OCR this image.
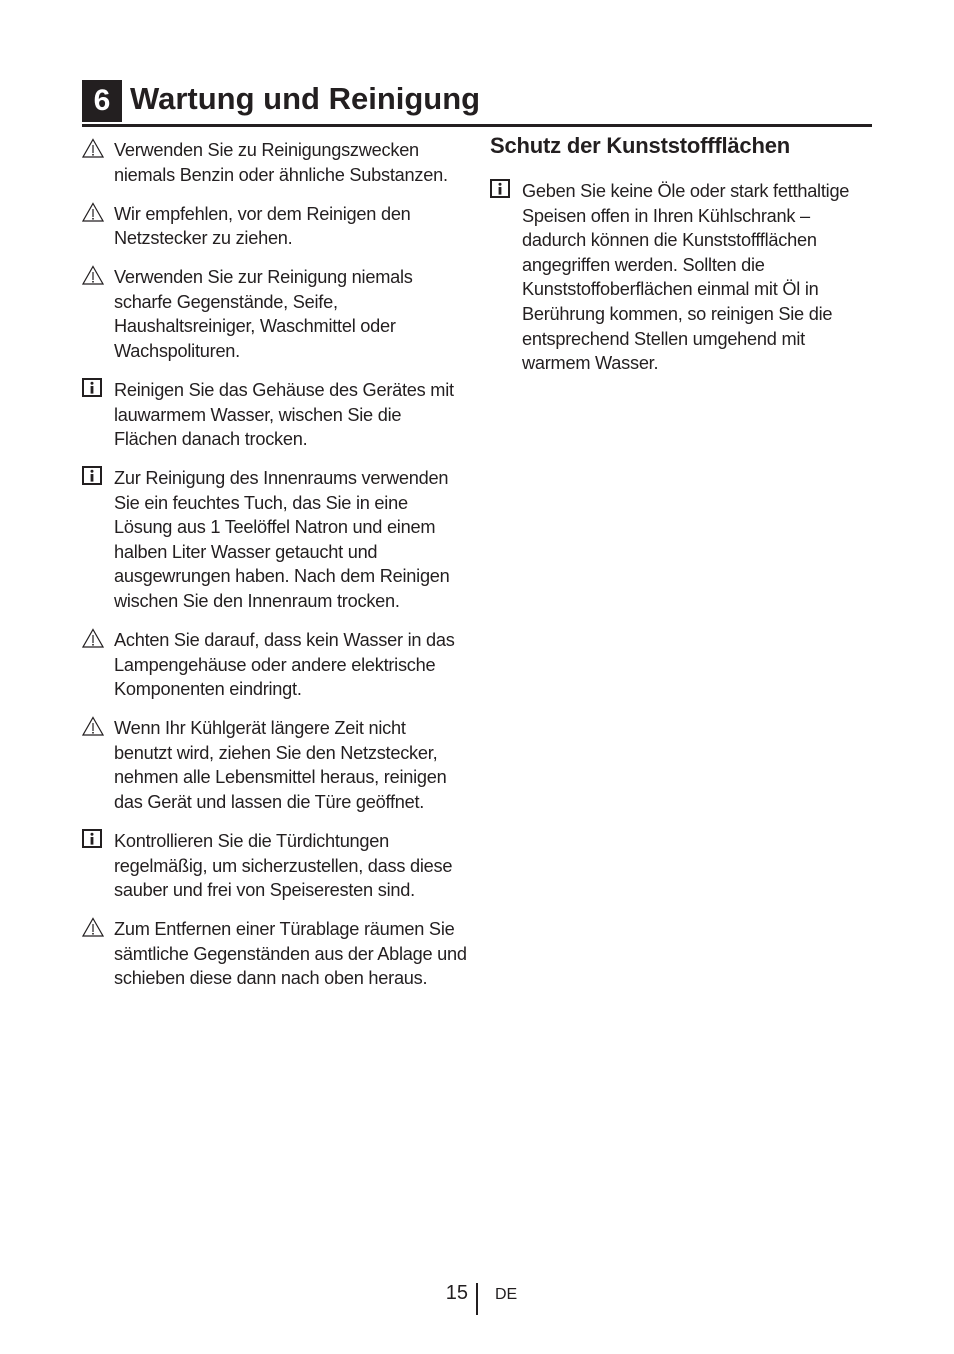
6 Wartung und Reinigung
Verwenden Sie zu Reinigungszwecken niemals Benzin oder ähnliche Substanzen.
Wir empfehlen, vor dem Reinigen den Netzstecker zu ziehen.
Verwenden Sie zur Reinigung niemals scharfe Gegenstände, Seife, Haushaltsreiniger, Waschmittel oder Wachspolituren.
Reinigen Sie das Gehäuse des Gerätes mit lauwarmem Wasser, wischen Sie die Flächen danach trocken.
Zur Reinigung des Innenraums verwenden Sie ein feuchtes Tuch, das Sie in eine Lösung aus 1 Teelöffel Natron und einem halben Liter Wasser getaucht und ausgewrungen haben. Nach dem Reinigen wischen Sie den Innenraum trocken.
Achten Sie darauf, dass kein Wasser in das Lampengehäuse oder andere elektrische Komponenten eindringt.
Wenn Ihr Kühlgerät längere Zeit nicht benutzt wird, ziehen Sie den Netzstecker, nehmen alle Lebensmittel heraus, reinigen das Gerät und lassen die Türe geöffnet.
Kontrollieren Sie die Türdichtungen regelmäßig, um sicherzustellen, dass diese sauber und frei von Speiseresten sind.
Zum Entfernen einer Türablage räumen Sie sämtliche Gegenständen aus der Ablage und schieben diese dann nach oben heraus.
Schutz der Kunststoffflächen
Geben Sie keine Öle oder stark fetthaltige Speisen offen in Ihren Kühlschrank – dadurch können die Kunststoffflächen angegriffen werden. Sollten die Kunststoffoberflächen einmal mit Öl in Berührung kommen, so reinigen Sie die entsprechend Stellen umgehend mit warmem Wasser.
15 DE
